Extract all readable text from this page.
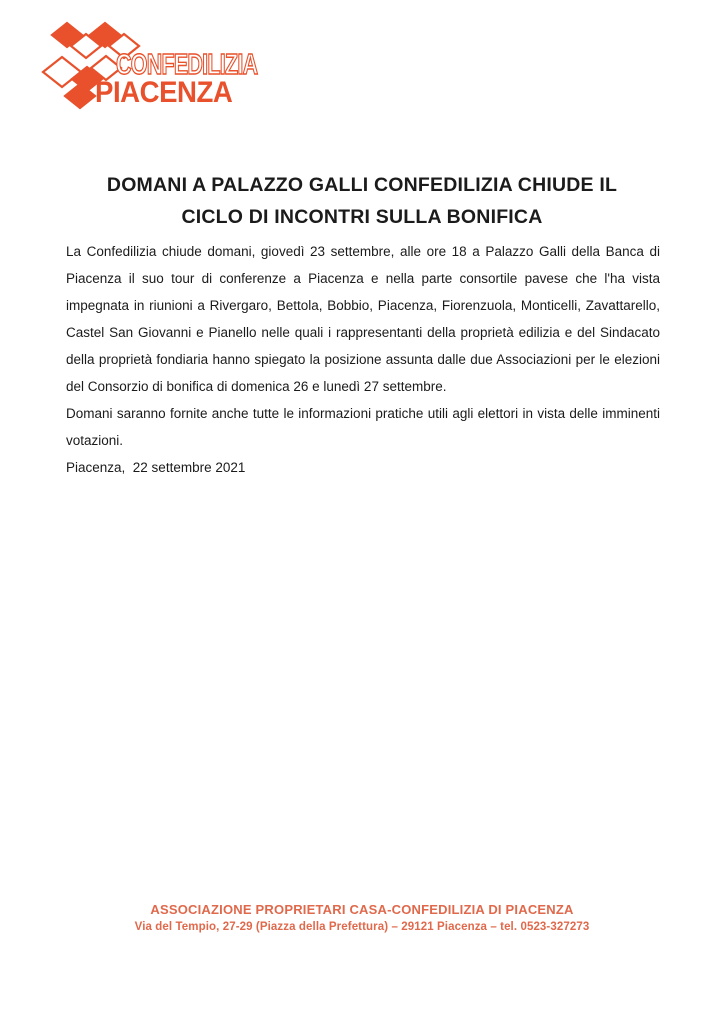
CONFEDILIZIA
PIACENZA
DOMANI A PALAZZO GALLI CONFEDILIZIA CHIUDE IL
CICLO DI INCONTRI SULLA BONIFICA

La Confedilizia chiude domani, giovedì 23 settembre, alle ore 18 a Palazzo Galli della Banca di Piacenza il suo tour di conferenze a Piacenza e nella parte consortile pavese che l'ha vista impegnata in riunioni a Rivergaro, Bettola, Bobbio, Piacenza, Fiorenzuola, Monticelli, Zavattarello, Castel San Giovanni e Pianello nelle quali i rappresentanti della proprietà edilizia e del Sindacato della proprietà fondiaria hanno spiegato la posizione assunta dalle due Associazioni per le elezioni del Consorzio di bonifica di domenica 26 e lunedì 27 settembre.

Domani saranno fornite anche tutte le informazioni pratiche utili agli elettori in vista delle imminenti votazioni.

Piacenza,  22 settembre 2021

ASSOCIAZIONE PROPRIETARI CASA-CONFEDILIZIA DI PIACENZA
Via del Tempio, 27-29 (Piazza della Prefettura) – 29121 Piacenza – tel. 0523-327273
